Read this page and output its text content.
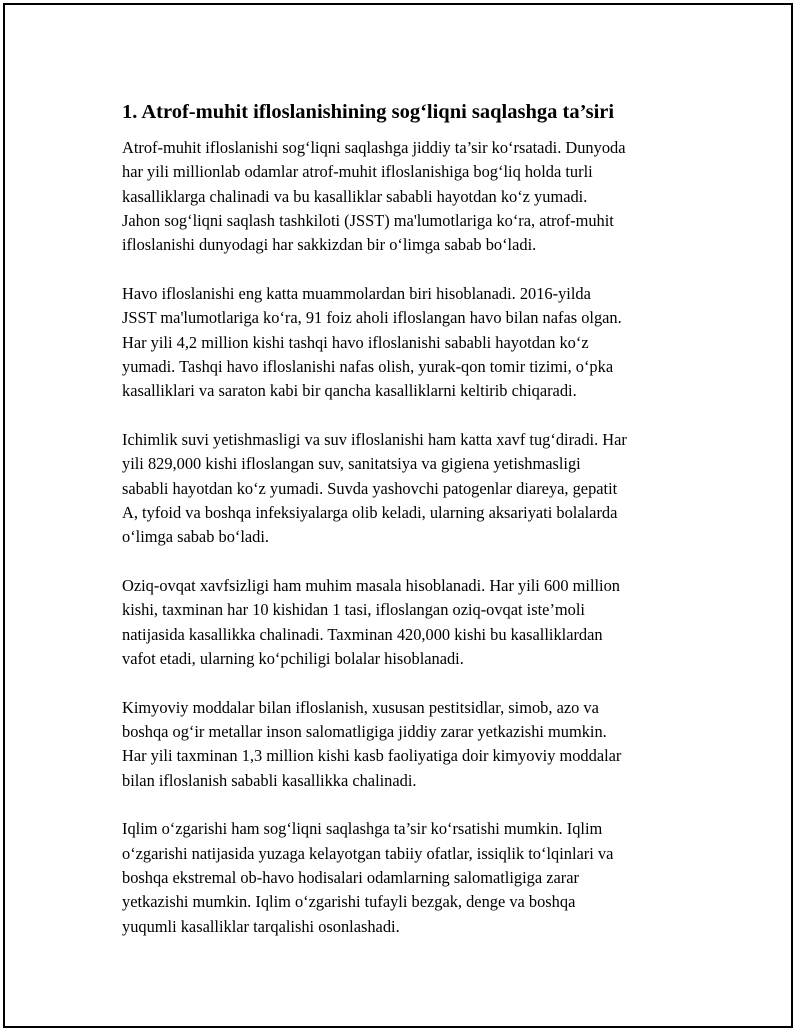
1. Atrof-muhit ifloslanishining sog‘liqni saqlashga ta’siri

Atrof-muhit ifloslanishi sog‘liqni saqlashga jiddiy ta’sir ko‘rsatadi. Dunyoda
har yili millionlab odamlar atrof-muhit ifloslanishiga bog‘liq holda turli
kasalliklarga chalinadi va bu kasalliklar sababli hayotdan ko‘z yumadi.
Jahon sog‘liqni saqlash tashkiloti (JSST) ma'lumotlariga ko‘ra, atrof-muhit
ifloslanishi dunyodagi har sakkizdan bir o‘limga sabab bo‘ladi.

Havo ifloslanishi eng katta muammolardan biri hisoblanadi. 2016-yilda
JSST ma'lumotlariga ko‘ra, 91 foiz aholi ifloslangan havo bilan nafas olgan.
Har yili 4,2 million kishi tashqi havo ifloslanishi sababli hayotdan ko‘z
yumadi. Tashqi havo ifloslanishi nafas olish, yurak-qon tomir tizimi, o‘pka
kasalliklari va saraton kabi bir qancha kasalliklarni keltirib chiqaradi.

Ichimlik suvi yetishmasligi va suv ifloslanishi ham katta xavf tug‘diradi. Har
yili 829,000 kishi ifloslangan suv, sanitatsiya va gigiena yetishmasligi
sababli hayotdan ko‘z yumadi. Suvda yashovchi patogenlar diareya, gepatit
A, tyfoid va boshqa infeksiyalarga olib keladi, ularning aksariyati bolalarda
o‘limga sabab bo‘ladi.

Oziq-ovqat xavfsizligi ham muhim masala hisoblanadi. Har yili 600 million
kishi, taxminan har 10 kishidan 1 tasi, ifloslangan oziq-ovqat iste’moli
natijasida kasallikka chalinadi. Taxminan 420,000 kishi bu kasalliklardan
vafot etadi, ularning ko‘pchiligi bolalar hisoblanadi.

Kimyoviy moddalar bilan ifloslanish, xususan pestitsidlar, simob, azo va
boshqa og‘ir metallar inson salomatligiga jiddiy zarar yetkazishi mumkin.
Har yili taxminan 1,3 million kishi kasb faoliyatiga doir kimyoviy moddalar
bilan ifloslanish sababli kasallikka chalinadi.

Iqlim o‘zgarishi ham sog‘liqni saqlashga ta’sir ko‘rsatishi mumkin. Iqlim
o‘zgarishi natijasida yuzaga kelayotgan tabiiy ofatlar, issiqlik to‘lqinlari va
boshqa ekstremal ob-havo hodisalari odamlarning salomatligiga zarar
yetkazishi mumkin. Iqlim o‘zgarishi tufayli bezgak, denge va boshqa
yuqumli kasalliklar tarqalishi osonlashadi.
